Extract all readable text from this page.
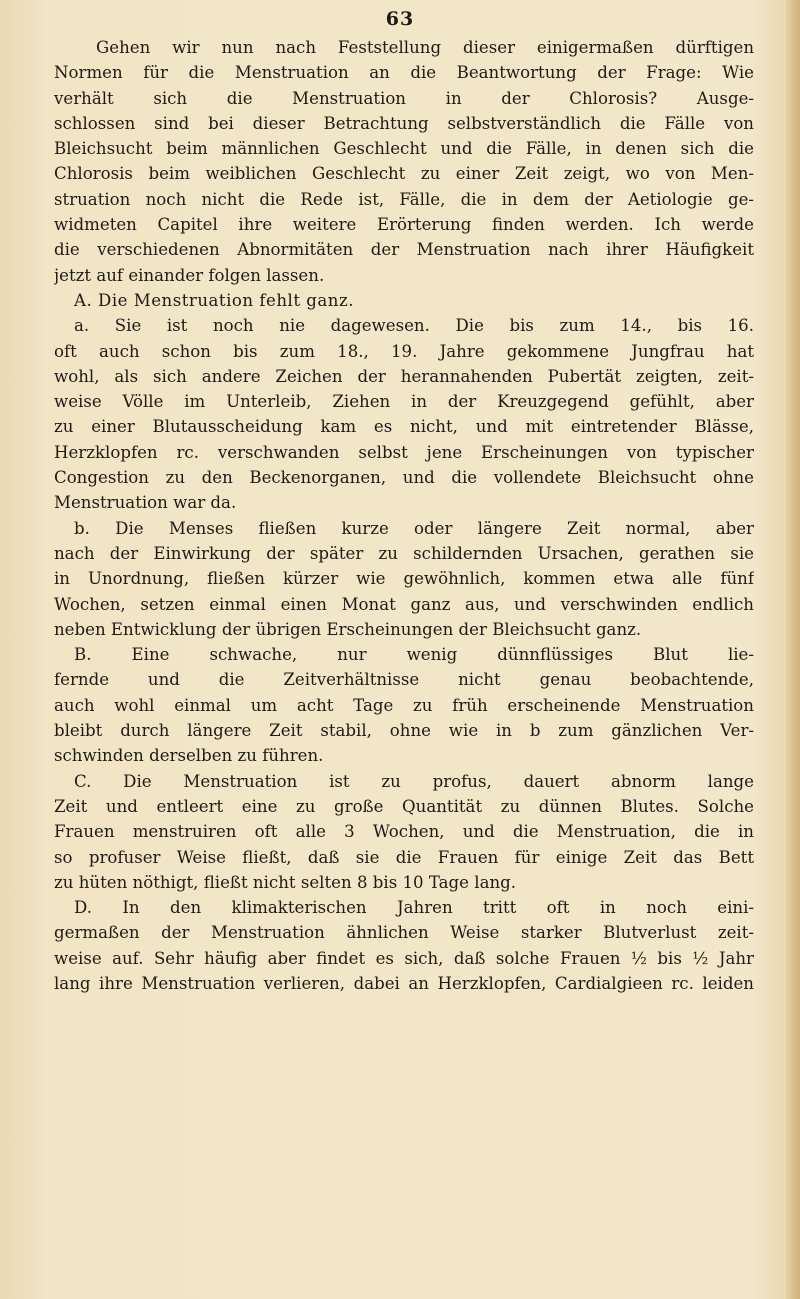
63
Gehen wir nun nach Feststellung dieser einigermaßen dürftigen
Normen für die Menstruation an die Beantwortung der Frage: Wie
verhält sich die Menstruation in der Chlorosis? Ausge-
schlossen sind bei dieser Betrachtung selbstverständlich die Fälle von
Bleichsucht beim männlichen Geschlecht und die Fälle, in denen sich die
Chlorosis beim weiblichen Geschlecht zu einer Zeit zeigt, wo von Men-
struation noch nicht die Rede ist, Fälle, die in dem der Aetiologie ge-
widmeten Capitel ihre weitere Erörterung finden werden. Ich werde
die verschiedenen Abnormitäten der Menstruation nach ihrer Häufigkeit
jetzt auf einander folgen lassen.
A. Die Menstruation fehlt ganz.
a. Sie ist noch nie dagewesen. Die bis zum 14., bis 16.
oft auch schon bis zum 18., 19. Jahre gekommene Jungfrau hat
wohl, als sich andere Zeichen der herannahenden Pubertät zeigten, zeit-
weise Völle im Unterleib, Ziehen in der Kreuzgegend gefühlt, aber
zu einer Blutausscheidung kam es nicht, und mit eintretender Blässe,
Herzklopfen rc. verschwanden selbst jene Erscheinungen von typischer
Congestion zu den Beckenorganen, und die vollendete Bleichsucht ohne
Menstruation war da.
b. Die Menses fließen kurze oder längere Zeit normal, aber
nach der Einwirkung der später zu schildernden Ursachen, gerathen sie
in Unordnung, fließen kürzer wie gewöhnlich, kommen etwa alle fünf
Wochen, setzen einmal einen Monat ganz aus, und verschwinden endlich
neben Entwicklung der übrigen Erscheinungen der Bleichsucht ganz.
B. Eine schwache, nur wenig dünnflüssiges Blut lie-
fernde und die Zeitverhältnisse nicht genau beobachtende,
auch wohl einmal um acht Tage zu früh erscheinende Menstruation
bleibt durch längere Zeit stabil, ohne wie in b zum gänzlichen Ver-
schwinden derselben zu führen.
C. Die Menstruation ist zu profus, dauert abnorm lange
Zeit und entleert eine zu große Quantität zu dünnen Blutes. Solche
Frauen menstruiren oft alle 3 Wochen, und die Menstruation, die in
so profuser Weise fließt, daß sie die Frauen für einige Zeit das Bett
zu hüten nöthigt, fließt nicht selten 8 bis 10 Tage lang.
D. In den klimakterischen Jahren tritt oft in noch eini-
germaßen der Menstruation ähnlichen Weise starker Blutverlust zeit-
weise auf. Sehr häufig aber findet es sich, daß solche Frauen ½ bis ½ Jahr
lang ihre Menstruation verlieren, dabei an Herzklopfen, Cardialgieen rc. leiden
